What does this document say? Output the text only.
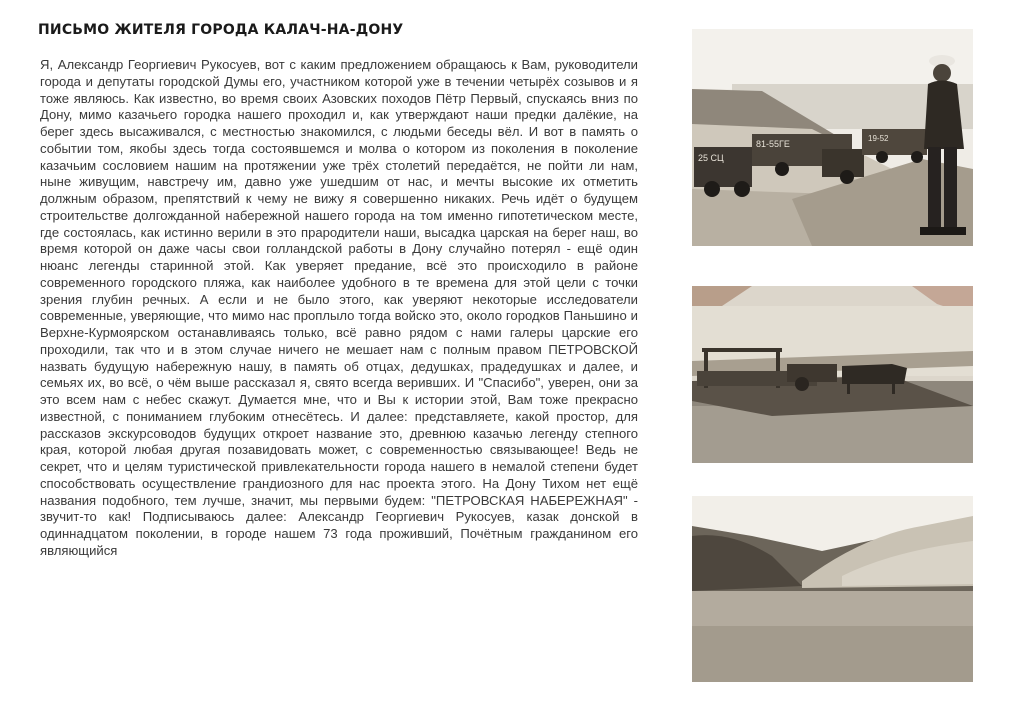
ПИСЬМО ЖИТЕЛЯ ГОРОДА КАЛАЧ-НА-ДОНУ

Я, Александр Георгиевич Рукосуев, вот с каким предложением обращаюсь к Вам, руководители города и депутаты городской Думы его, участником которой уже в течении четырёх созывов и я тоже являюсь. Как известно, во время своих Азовских походов Пётр Первый, спускаясь вниз по Дону, мимо казачьего городка нашего проходил и, как утверждают наши предки далёкие, на берег здесь высаживался, с местностью знакомился, с людьми беседы вёл. И вот в память о событии том, якобы здесь тогда состоявшемся и молва о котором из поколения в поколение казачьим сословием нашим на протяжении уже трёх столетий передаётся, не пойти ли нам, ныне живущим, навстречу им, давно уже ушедшим от нас, и мечты высокие их отметить должным образом, препятствий к чему не вижу я совершенно никаких. Речь идёт о будущем строительстве долгожданной набережной нашего города на том именно гипотетическом месте, где состоялась, как истинно верили в это прародители наши, высадка царская на берег наш, во время которой он даже часы свои голландской работы в Дону случайно потерял - ещё один нюанс легенды старинной этой. Как уверяет предание, всё это происходило в районе современного городского пляжа, как наиболее удобного в те времена для этой цели с точки зрения глубин речных. А если и не было этого, как уверяют некоторые исследователи современные, уверяющие, что мимо нас проплыло тогда войско это, около городков Паньшино и Верхне-Курмоярском останавливаясь только, всё равно рядом с нами галеры царские его проходили, так что и в этом случае ничего не мешает нам с полным правом ПЕТРОВСКОЙ назвать будущую набережную нашу, в память об отцах, дедушках, прадедушках и далее, и семьях их, во всё, о чём выше рассказал я, свято всегда веривших. И "Спасибо", уверен, они за это всем нам с небес скажут. Думается мне, что и Вы к истории этой, Вам тоже прекрасно известной, с пониманием глубоким отнесётесь. И далее: представляете, какой простор, для рассказов экскурсоводов будущих откроет название это, древнюю казачью легенду степного края, которой любая другая позавидовать может, с современностью связывающее! Ведь не секрет, что и целям туристической привлекательности города нашего в немалой степени будет способствовать осуществление грандиозного для нас проекта этого. На Дону Тихом нет ещё названия подобного, тем лучше, значит, мы первыми будем: "ПЕТРОВСКАЯ НАБЕРЕЖНАЯ" - звучит-то как! Подписываюсь далее: Александр Георгиевич Рукосуев, казак донской в одиннадцатом поколении, в городе нашем 73 года проживший, Почётным гражданином его являющийся

25 СЦ
81-55ГЕ
19-52
